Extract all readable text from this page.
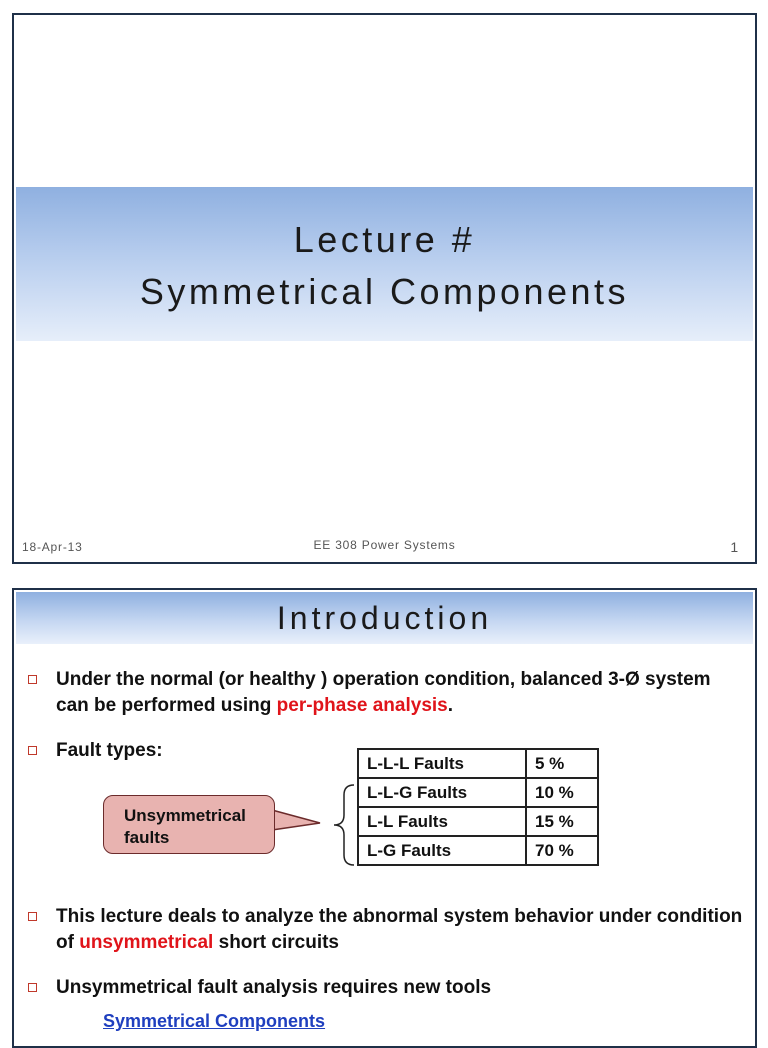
Lecture #
Symmetrical Components
18-Apr-13	EE 308 Power Systems	1
Introduction
Under the normal (or healthy ) operation condition, balanced 3-Ø system can be performed using per-phase analysis.
Fault types:
Unsymmetrical
faults
L-L-L Faults	5 %
L-L-G Faults	10 %
L-L Faults	15 %
L-G Faults	70 %
This lecture deals to analyze the abnormal system behavior under condition of unsymmetrical short circuits
Unsymmetrical fault analysis requires new tools
Symmetrical Components
